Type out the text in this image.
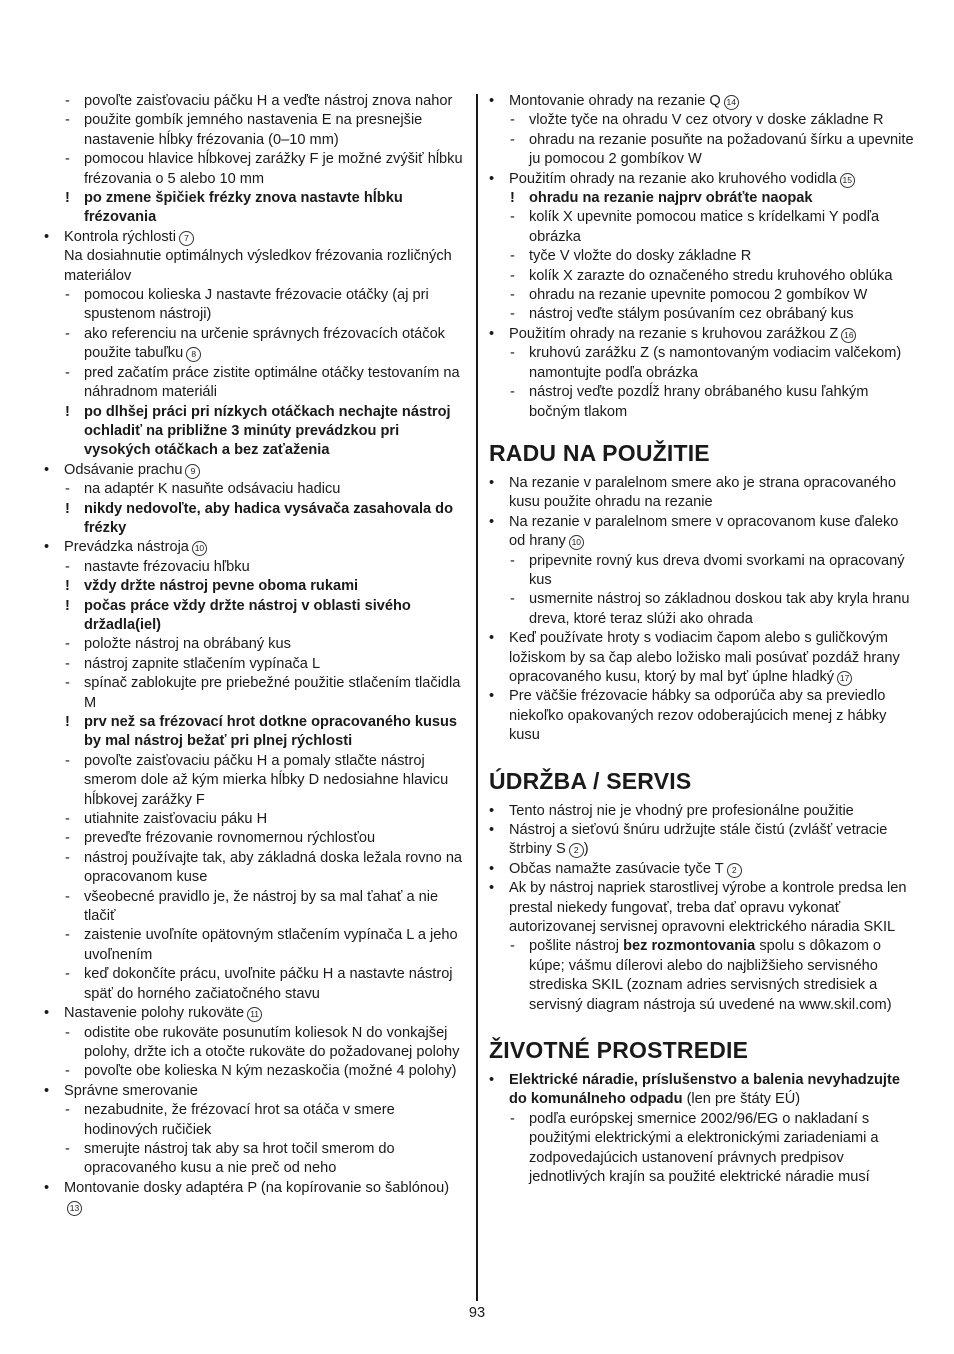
- povoľte zaisťovaciu páčku H a veďte nástroj znova nahor
- použite gombík jemného nastavenia E na presnejšie nastavenie hĺbky frézovania (0–10 mm)
- pomocou hlavice hĺbkovej zarážky F je možné zvýšiť hĺbku frézovania o 5 alebo 10 mm
! po zmene špičiek frézky znova nastavte hĺbku frézovania
• Kontrola rýchlosti 7
Na dosiahnutie optimálnych výsledkov frézovania rozličných materiálov
- pomocou kolieska J nastavte frézovacie otáčky (aj pri spustenom nástroji)
- ako referenciu na určenie správnych frézovacích otáčok použite tabuľku 8
- pred začatím práce zistite optimálne otáčky testovaním na náhradnom materiáli
! po dlhšej práci pri nízkych otáčkach nechajte nástroj ochladiť na približne 3 minúty prevádzkou pri vysokých otáčkach a bez zaťaženia
• Odsávanie prachu 9
- na adaptér K nasuňte odsávaciu hadicu
! nikdy nedovoľte, aby hadica vysávača zasahovala do frézky
• Prevádzka nástroja 10
- nastavte frézovaciu hľbku
! vždy držte nástroj pevne oboma rukami
! počas práce vždy držte nástroj v oblasti sivého držadla(iel)
- položte nástroj na obrábaný kus
- nástroj zapnite stlačením vypínača L
- spínač zablokujte pre priebežné použitie stlačením tlačidla M
! prv než sa frézovací hrot dotkne opracovaného kusus by mal nástroj bežať pri plnej rýchlosti
- povoľte zaisťovaciu páčku H a pomaly stlačte nástroj smerom dole až kým mierka hĺbky D nedosiahne hlavicu hĺbkovej zarážky F
- utiahnite zaisťovaciu páku H
- preveďte frézovanie rovnomernou rýchlosťou
- nástroj používajte tak, aby základná doska ležala rovno na opracovanom kuse
- všeobecné pravidlo je, že nástroj by sa mal ťahať a nie tlačiť
- zaistenie uvoľníte opätovným stlačením vypínača L a jeho uvoľnením
- keď dokončíte prácu, uvoľnite páčku H a nastavte nástroj späť do horného začiatočného stavu
• Nastavenie polohy rukoväte 11
- odistite obe rukoväte posunutím koliesok N do vonkajšej polohy, držte ich a otočte rukoväte do požadovanej polohy
- povoľte obe kolieska N kým nezaskočia (možné 4 polohy)
• Správne smerovanie
- nezabudnite, že frézovací hrot sa otáča v smere hodinových ručičiek
- smerujte nástroj tak aby sa hrot točil smerom do opracovaného kusu a nie preč od neho
• Montovanie dosky adaptéra P (na kopírovanie so šablónou)13
• Montovanie ohrady na rezanie Q 14
- vložte tyče na ohradu V cez otvory v doske základne R
- ohradu na rezanie posuňte na požadovanú šírku a upevnite ju pomocou 2 gombíkov W
• Použitím ohrady na rezanie ako kruhového vodidla 15
! ohradu na rezanie najprv obráťte naopak
- kolík X upevnite pomocou matice s krídelkami Y podľa obrázka
- tyče V vložte do dosky základne R
- kolík X zarazte do označeného stredu kruhového oblúka
- ohradu na rezanie upevnite pomocou 2 gombíkov W
- nástroj veďte stálym posúvaním cez obrábaný kus
• Použitím ohrady na rezanie s kruhovou zarážkou Z 16
- kruhovú zarážku Z (s namontovaným vodiacim valčekom) namontujte podľa obrázka
- nástroj veďte pozdĺž hrany obrábaného kusu ľahkým bočným tlakom
RADU NA POUŽITIE
• Na rezanie v paralelnom smere ako je strana opracovaného kusu použite ohradu na rezanie
• Na rezanie v paralelnom smere v opracovanom kuse ďaleko od hrany 10
- pripevnite rovný kus dreva dvomi svorkami na opracovaný kus
- usmernite nástroj so základnou doskou tak aby kryla hranu dreva, ktoré teraz slúži ako ohrada
• Keď používate hroty s vodiacim čapom alebo s guličkovým ložiskom by sa čap alebo ložisko mali posúvať pozdáž hrany opracovaného kusu, ktorý by mal byť úplne hladký 17
• Pre väčšie frézovacie hábky sa odporúča aby sa previedlo niekoľko opakovaných rezov odoberajúcich menej z hábky kusu
ÚDRŽBA / SERVIS
• Tento nástroj nie je vhodný pre profesionálne použitie
• Nástroj a sieťovú šnúru udržujte stále čistú (zvlášť vetracie štrbiny S 2 )
• Občas namažte zasúvacie tyče T 2
• Ak by nástroj napriek starostlivej výrobe a kontrole predsa len prestal niekedy fungovať, treba dať opravu vykonať autorizovanej servisnej opravovni elektrického náradia SKIL
- pošlite nástroj bez rozmontovania spolu s dôkazom o kúpe; vášmu dílerovi alebo do najbližšieho servisného strediska SKIL (zoznam adries servisných stredisiek a servisný diagram nástroja sú uvedené na www.skil.com)
ŽIVOTNÉ PROSTREDIE
• Elektrické náradie, príslušenstvo a balenia nevyhadzujte do komunálneho odpadu (len pre štáty EÚ)
- podľa európskej smernice 2002/96/EG o nakladaní s použitými elektrickými a elektronickými zariadeniami a zodpovedajúcich ustanovení právnych predpisov jednotlivých krajín sa použité elektrické náradie musí
93
